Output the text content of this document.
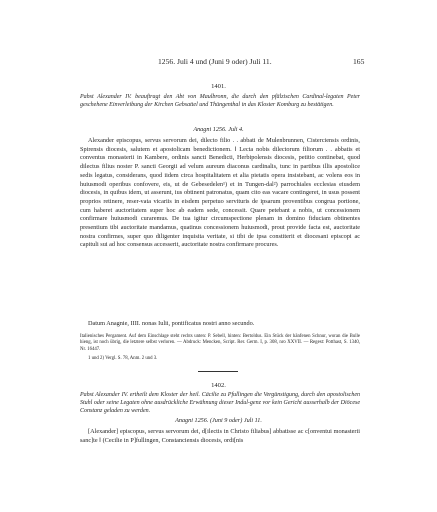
1256. Juli 4 und (Juni 9 oder) Juli 11.	165
1401.
Pabst Alexander IV. beauftragt den Abt von Maulbronn, die durch den pfälzischen Cardinal-legaten Peter geschehene Einverleibung der Kirchen Gebsattel und Thüngenthal in das Kloster Komburg zu bestätigen.
Anagni 1256. Juli 4.
Alexander episcopus, servus servorum dei, dilecto filio . . abbati de Mulenbrunnen, Cisterciensis ordinis, Spirensis diocesis, salutem et apostolicam benedictionem. ‖ Lecta nobis dilectorum filiorum . . abbatis et conventus monasterii in Kambere, ordinis sancti Benedicti, Herbipolensis diocesis, petitio continebat, quod dilectus filius noster P. sancti Georgii ad velum aureum diaconus cardinalis, tunc in partibus illis apostolice sedis legatus, considerans, quod iidem circa hospitalitatem et alia pietatis opera insistebant, ac volens eos in huiusmodi operibus confovere, eis, ut de Gebesedelen¹) et in Tungen-dal²) parrochiales ecclesias eiusdem diocesis, in quibus idem, ut asserunt, ius obtinent patronatus, quam cito eas vacare contingeret, in usus possent proprios retinere, reser-vata vicariis in eisdem perpetuo servituris de ipsarum proventibus congrua portione, cum haberet auctoritatem super hoc ab eadem sede, concessit. Quare petebant a nobis, ut concessionem confirmare huiusmodi curaremus. De tua igitur circumspectione plenam in domino fiduciam obtinentes presentium tibi auctoritate mandamus, quatinus concessionem huiusmodi, prout provide facta est, auctoritate nostra confirmes, super quo diligenter inquisita veritate, si tibi de ipsa constiterit et diocesani episcopi ac capituli sui ad hoc consensus accesserit, auctoritate nostra confirmare procures.
Datum Anagnie, IIII. nonas Iulii, pontificatus nostri anno secundo.
Italienisches Pergament. Auf dem Einschlage steht rechts unten: P. Sebell, hinten: Bertoldus. Ein Stück der hänfenen Schnur, woran die Bulle hieng, ist noch übrig, die letztere selbst verloren. — Abdruck: Mencken, Script. Rer. Germ. I, p. 308, nro XXVII. — Regest: Potthast, S. 1340, Nr. 16447.
1 und 2) Vergl. S. 78, Anm. 2 und 3.
1402.
Pabst Alexander IV. ertheilt dem Kloster der heil. Cäcilie zu Pfullingen die Vergünstigung, durch den apostolischen Stuhl oder seine Legaten ohne ausdrückliche Erwähnung dieser Indul-genz vor kein Gericht ausserhalb der Diöcese Constanz geladen zu werden.
Anagni 1256. (Juni 9 oder) Juli 11.
[Alexander] episcopus, servus servorum dei, d[ilectis in Christo filiabus] abbatisse ac c[onventui monasterii sanc]te ‖ (Cecilie in P]fullingen, Constanciensis diocesis, ordi[nis
